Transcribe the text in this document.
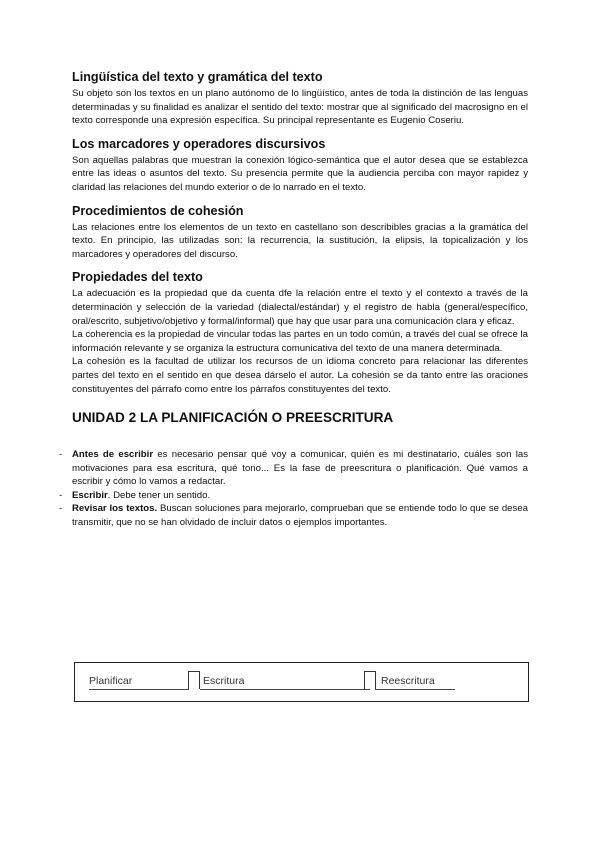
Lingüística del texto y gramática del texto

Su objeto son los textos en un plano autónomo de lo lingüístico, antes de toda la distinción de las lenguas determinadas y su finalidad es analizar el sentido del texto: mostrar que al significado del macrosigno en el texto corresponde una expresión específica. Su principal representante es Eugenio Coseriu.

Los marcadores y operadores discursivos

Son aquellas palabras que muestran la conexión lógico-semántica que el autor desea que se establezca entre las ideas o asuntos del texto. Su presencia permite que la audiencia perciba con mayor rapidez y claridad las relaciones del mundo exterior o de lo narrado en el texto.

Procedimientos de cohesión

Las relaciones entre los elementos de un texto en castellano son describibles gracias a la gramática del texto. En principio, las utilizadas son: la recurrencia, la sustitución, la elipsis, la topicalización y los marcadores y operadores del discurso.

Propiedades del texto

La adecuación es la propiedad que da cuenta dfe la relación entre el texto y el contexto a través de la determinación y selección de la variedad (dialectal/estándar) y el registro de habla (general/específico, oral/escrito, subjetivo/objetivo y formal/informal) que hay que usar para una comunicación clara y eficaz.

La coherencia es la propiedad de vincular todas las partes en un todo común, a través del cual se ofrece la información relevante y se organiza la estructura comunicativa del texto de una manera determinada.

La cohesión es la facultad de utilizar los recursos de un idioma concreto para relacionar las diferentes partes del texto en el sentido en que desea dárselo el autor. La cohesión se da tanto entre las oraciones constituyentes del párrafo como entre los párrafos constituyentes del texto.

UNIDAD 2 LA PLANIFICACIÓN O PREESCRITURA
- Antes de escribir es necesario pensar qué voy a comunicar, quién es mi destinatario, cuáles son las motivaciones para esa escritura, qué tono... Es la fase de preescritura o planificación. Qué vamos a escribir y cómo lo vamos a redactar.
- Escribir. Debe tener un sentido.
- Revisar los textos. Buscan soluciones para mejorarlo, comprueban que se entiende todo lo que se desea transmitir, que no se han olvidado de incluir datos o ejemplos importantes.
Planificar	Escritura	Reescritura
